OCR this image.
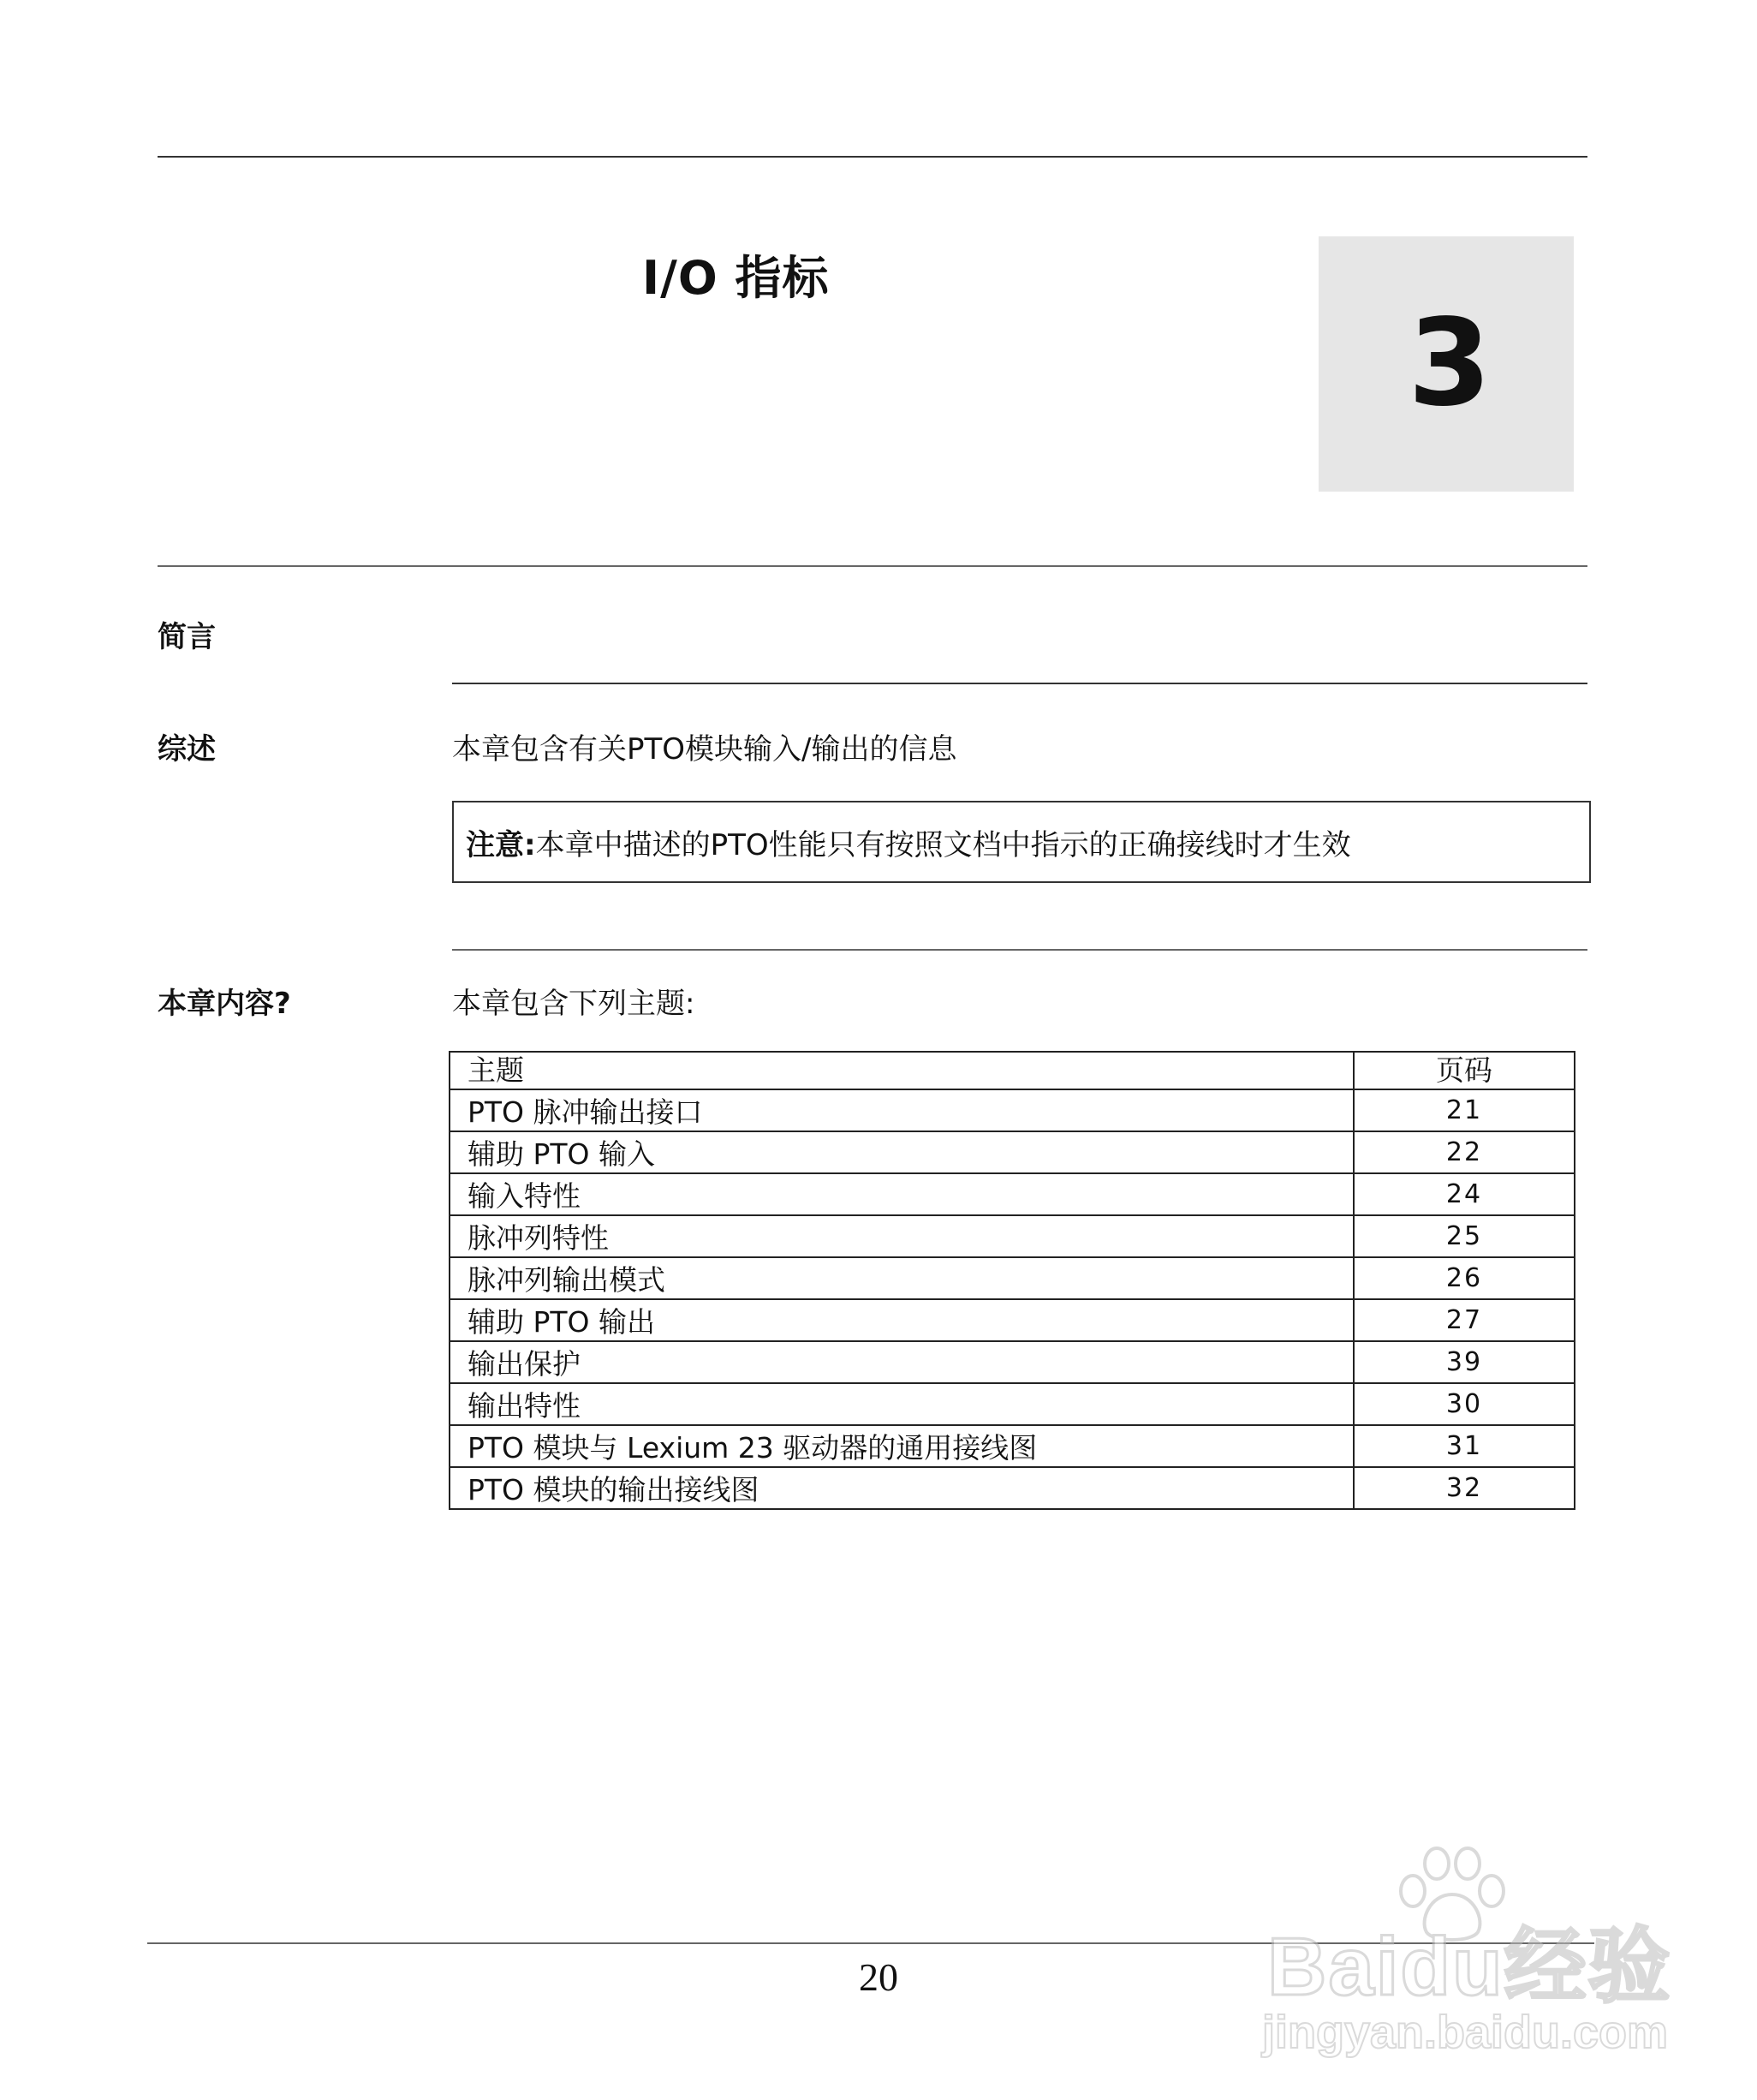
I/O 指标
3
简言
综述	本章包含有关PTO模块输入/输出的信息
注意: 本章中描述的PTO性能只有按照文档中指示的正确接线时才生效
本章内容?	本章包含下列主题:
主题	页码
PTO 脉冲输出接口	21
辅助 PTO 输入	22
输入特性	24
脉冲列特性	25
脉冲列输出模式	26
辅助 PTO 输出	27
输出保护	39
输出特性	30
PTO 模块与 Lexium 23 驱动器的通用接线图	31
PTO 模块的输出接线图	32
20	Baidu经验
jingyan.baidu.com
